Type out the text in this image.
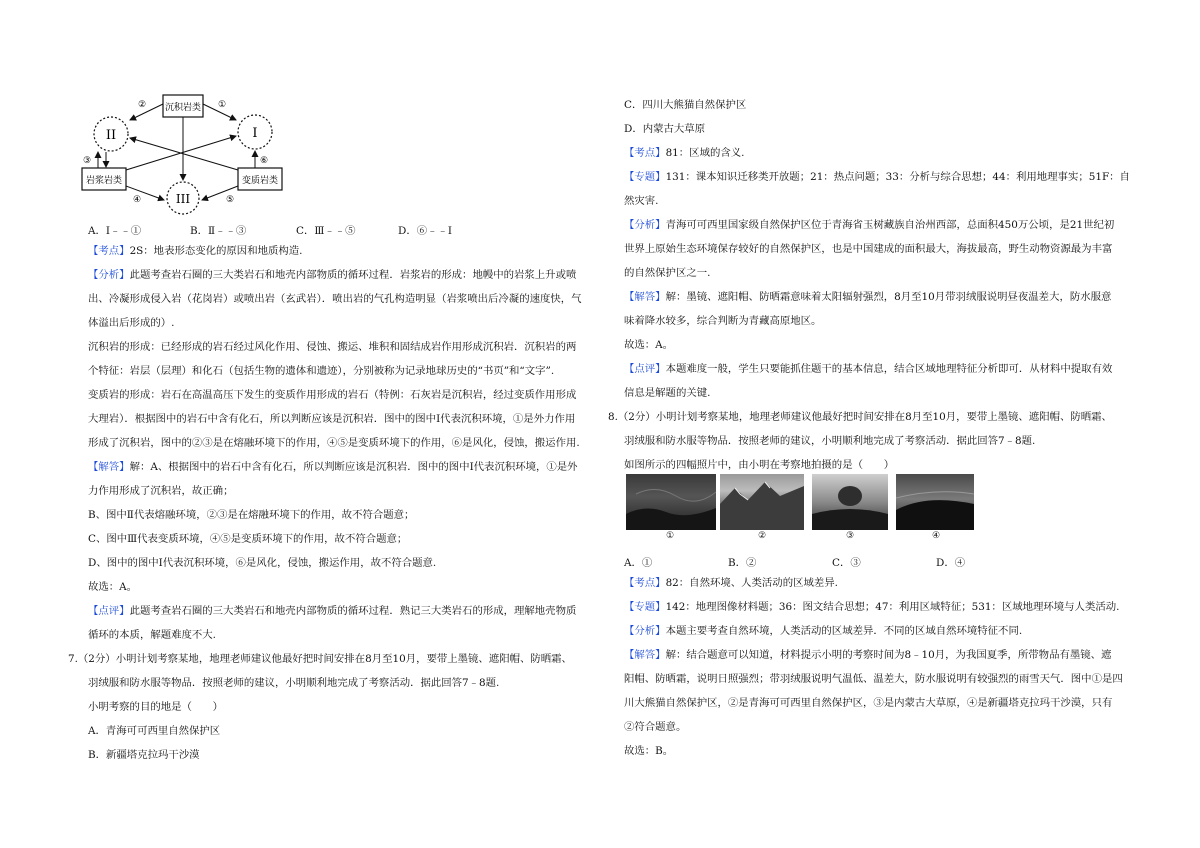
沉积岩类
岩浆岩类	变质岩类
II	I
III
②	①
③	⑥
④	⑤
A．I﹣﹣①	B．Ⅱ﹣﹣③	C．Ⅲ﹣﹣⑤	D．⑥﹣﹣I
【考点】2S：地表形态变化的原因和地质构造.
【分析】此题考查岩石圈的三大类岩石和地壳内部物质的循环过程．岩浆岩的形成：地幔中的岩浆上升或喷
出、冷凝形成侵入岩（花岗岩）或喷出岩（玄武岩）．喷出岩的气孔构造明显（岩浆喷出后冷凝的速度快，气
体溢出后形成的）.
沉积岩的形成：已经形成的岩石经过风化作用、侵蚀、搬运、堆积和固结成岩作用形成沉积岩．沉积岩的两
个特征：岩层（层理）和化石（包括生物的遗体和遗迹），分别被称为记录地球历史的“书页”和“文字”.
变质岩的形成：岩石在高温高压下发生的变质作用形成的岩石（特例：石灰岩是沉积岩，经过变质作用形成
大理岩）．根据图中的岩石中含有化石，所以判断应该是沉积岩．图中的图中Ⅰ代表沉积环境，①是外力作用
形成了沉积岩，图中的②③是在熔融环境下的作用，④⑤是变质环境下的作用，⑥是风化，侵蚀，搬运作用.
【解答】解：A、根据图中的岩石中含有化石，所以判断应该是沉积岩．图中的图中Ⅰ代表沉积环境，①是外
力作用形成了沉积岩，故正确；
B、图中Ⅱ代表熔融环境，②③是在熔融环境下的作用，故不符合题意；
C、图中Ⅲ代表变质环境，④⑤是变质环境下的作用，故不符合题意；
D、图中的图中Ⅰ代表沉积环境，⑥是风化，侵蚀，搬运作用，故不符合题意.
故选：A。
【点评】此题考查岩石圈的三大类岩石和地壳内部物质的循环过程．熟记三大类岩石的形成，理解地壳物质
循环的本质，解题难度不大.
7.（2分）小明计划考察某地，地理老师建议他最好把时间安排在8月至10月，要带上墨镜、遮阳帽、防晒霜、
羽绒服和防水服等物品．按照老师的建议，小明顺利地完成了考察活动．据此回答7﹣8题.
小明考察的目的地是（　　）
A．青海可可西里自然保护区
B．新疆塔克拉玛干沙漠
C．四川大熊猫自然保护区
D．内蒙古大草原
【考点】81：区域的含义.
【专题】131：课本知识迁移类开放题；21：热点问题；33：分析与综合思想；44：利用地理事实；51F：自
然灾害.
【分析】青海可可西里国家级自然保护区位于青海省玉树藏族自治州西部，总面积450万公顷，是21世纪初
世界上原始生态环境保存较好的自然保护区，也是中国建成的面积最大，海拔最高，野生动物资源最为丰富
的自然保护区之一.
【解答】解：墨镜、遮阳帽、防晒霜意味着太阳辐射强烈，8月至10月带羽绒服说明昼夜温差大，防水服意
味着降水较多，综合判断为青藏高原地区。
故选：A。
【点评】本题难度一般，学生只要能抓住题干的基本信息，结合区域地理特征分析即可．从材料中提取有效
信息是解题的关键.
8.（2分）小明计划考察某地，地理老师建议他最好把时间安排在8月至10月，要带上墨镜、遮阳帽、防晒霜、
羽绒服和防水服等物品．按照老师的建议，小明顺利地完成了考察活动．据此回答7﹣8题.
如图所示的四幅照片中，由小明在考察地拍摄的是（　　）
①	②	③	④
A．①	B．②	C．③	D．④
【考点】82：自然环境、人类活动的区域差异.
【专题】142：地理图像材料题；36：图文结合思想；47：利用区域特征；531：区域地理环境与人类活动.
【分析】本题主要考查自然环境，人类活动的区域差异．不同的区域自然环境特征不同.
【解答】解：结合题意可以知道，材料提示小明的考察时间为8﹣10月，为我国夏季，所带物品有墨镜、遮
阳帽、防晒霜，说明日照强烈；带羽绒服说明气温低、温差大，防水服说明有较强烈的雨雪天气．图中①是四
川大熊猫自然保护区，②是青海可可西里自然保护区，③是内蒙古大草原，④是新疆塔克拉玛干沙漠，只有
②符合题意。
故选：B。
